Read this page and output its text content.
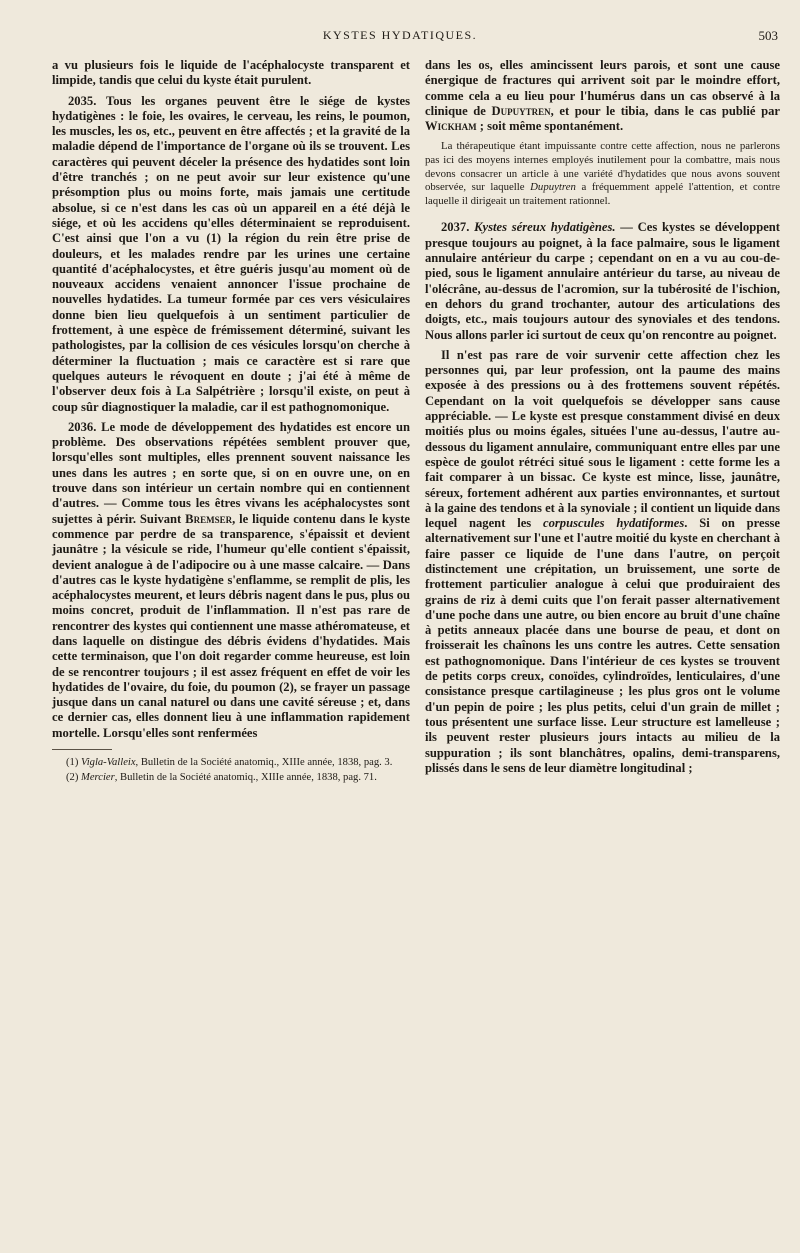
KYSTES HYDATIQUES.	503

a vu plusieurs fois le liquide de l'acéphalocyste transparent et limpide, tandis que celui du kyste était purulent.

2035. Tous les organes peuvent être le siége de kystes hydatigènes : le foie, les ovaires, le cerveau, les reins, le poumon, les muscles, les os, etc., peuvent en être affectés ; et la gravité de la maladie dépend de l'importance de l'organe où ils se trouvent. Les caractères qui peuvent déceler la présence des hydatides sont loin d'être tranchés ; on ne peut avoir sur leur existence qu'une présomption plus ou moins forte, mais jamais une certitude absolue, si ce n'est dans les cas où un appareil en a été déjà le siége, et où les accidens qu'elles déterminaient se reproduisent. C'est ainsi que l'on a vu (1) la région du rein être prise de douleurs, et les malades rendre par les urines une certaine quantité d'acéphalocystes, et être guéris jusqu'au moment où de nouveaux accidens venaient annoncer l'issue prochaine de nouvelles hydatides. La tumeur formée par ces vers vésiculaires donne bien lieu quelquefois à un sentiment particulier de frottement, à une espèce de frémissement déterminé, suivant les pathologistes, par la collision de ces vésicules lorsqu'on cherche à déterminer la fluctuation ; mais ce caractère est si rare que quelques auteurs le révoquent en doute ; j'ai été à même de l'observer deux fois à La Salpétrière ; lorsqu'il existe, on peut à coup sûr diagnostiquer la maladie, car il est pathognomonique.

2036. Le mode de développement des hydatides est encore un problème. Des observations répétées semblent prouver que, lorsqu'elles sont multiples, elles prennent souvent naissance les unes dans les autres ; en sorte que, si on en ouvre une, on en trouve dans son intérieur un certain nombre qui en contiennent d'autres. — Comme tous les êtres vivans les acéphalocystes sont sujettes à périr. Suivant Bremser, le liquide contenu dans le kyste commence par perdre de sa transparence, s'épaissit et devient jaunâtre ; la vésicule se ride, l'humeur qu'elle contient s'épaissit, devient analogue à de l'adipocire ou à une masse calcaire. — Dans d'autres cas le kyste hydatigène s'enflamme, se remplit de plis, les acéphalocystes meurent, et leurs débris nagent dans le pus, plus ou moins concret, produit de l'inflammation. Il n'est pas rare de rencontrer des kystes qui contiennent une masse athéromateuse, et dans laquelle on distingue des débris évidens d'hydatides. Mais cette terminaison, que l'on doit regarder comme heureuse, est loin de se rencontrer toujours ; il est assez fréquent en effet de voir les hydatides de l'ovaire, du foie, du poumon (2), se frayer un passage jusque dans un canal naturel ou dans une cavité séreuse ; et, dans ce dernier cas, elles donnent lieu à une inflammation rapidement mortelle. Lorsqu'elles sont renfermées

(1) Vigla-Valleix, Bulletin de la Société anatomiq., XIIIe année, 1838, pag. 3.

(2) Mercier, Bulletin de la Société anatomiq., XIIIe année, 1838, pag. 71.

dans les os, elles amincissent leurs parois, et sont une cause énergique de fractures qui arrivent soit par le moindre effort, comme cela a eu lieu pour l'humérus dans un cas observé à la clinique de Dupuytren, et pour le tibia, dans le cas publié par Wickham ; soit même spontanément.

La thérapeutique étant impuissante contre cette affection, nous ne parlerons pas ici des moyens internes employés inutilement pour la combattre, mais nous devons consacrer un article à une variété d'hydatides que nous avons souvent observée, sur laquelle Dupuytren a fréquemment appelé l'attention, et contre laquelle il dirigeait un traitement rationnel.

2037. Kystes séreux hydatigènes. — Ces kystes se développent presque toujours au poignet, à la face palmaire, sous le ligament annulaire antérieur du carpe ; cependant on en a vu au cou-de-pied, sous le ligament annulaire antérieur du tarse, au niveau de l'olécrâne, au-dessus de l'acromion, sur la tubérosité de l'ischion, en dehors du grand trochanter, autour des articulations des doigts, etc., mais toujours autour des synoviales et des tendons. Nous allons parler ici surtout de ceux qu'on rencontre au poignet.

Il n'est pas rare de voir survenir cette affection chez les personnes qui, par leur profession, ont la paume des mains exposée à des pressions ou à des frottemens souvent répétés. Cependant on la voit quelquefois se développer sans cause appréciable. — Le kyste est presque constamment divisé en deux moitiés plus ou moins égales, situées l'une au-dessus, l'autre au-dessous du ligament annulaire, communiquant entre elles par une espèce de goulot rétréci situé sous le ligament : cette forme les a fait comparer à un bissac. Ce kyste est mince, lisse, jaunâtre, séreux, fortement adhérent aux parties environnantes, et surtout à la gaine des tendons et à la synoviale ; il contient un liquide dans lequel nagent les corpuscules hydatiformes. Si on presse alternativement sur l'une et l'autre moitié du kyste en cherchant à faire passer ce liquide de l'une dans l'autre, on perçoit distinctement une crépitation, un bruissement, une sorte de frottement particulier analogue à celui que produiraient des grains de riz à demi cuits que l'on ferait passer alternativement d'une poche dans une autre, ou bien encore au bruit d'une chaîne à petits anneaux placée dans une bourse de peau, et dont on froisserait les chaînons les uns contre les autres. Cette sensation est pathognomonique. Dans l'intérieur de ces kystes se trouvent de petits corps creux, conoïdes, cylindroïdes, lenticulaires, d'une consistance presque cartilagineuse ; les plus gros ont le volume d'un pepin de poire ; les plus petits, celui d'un grain de millet ; tous présentent une surface lisse. Leur structure est lamelleuse ; ils peuvent rester plusieurs jours intacts au milieu de la suppuration ; ils sont blanchâtres, opalins, demi-transparens, plissés dans le sens de leur diamètre longitudinal ;
